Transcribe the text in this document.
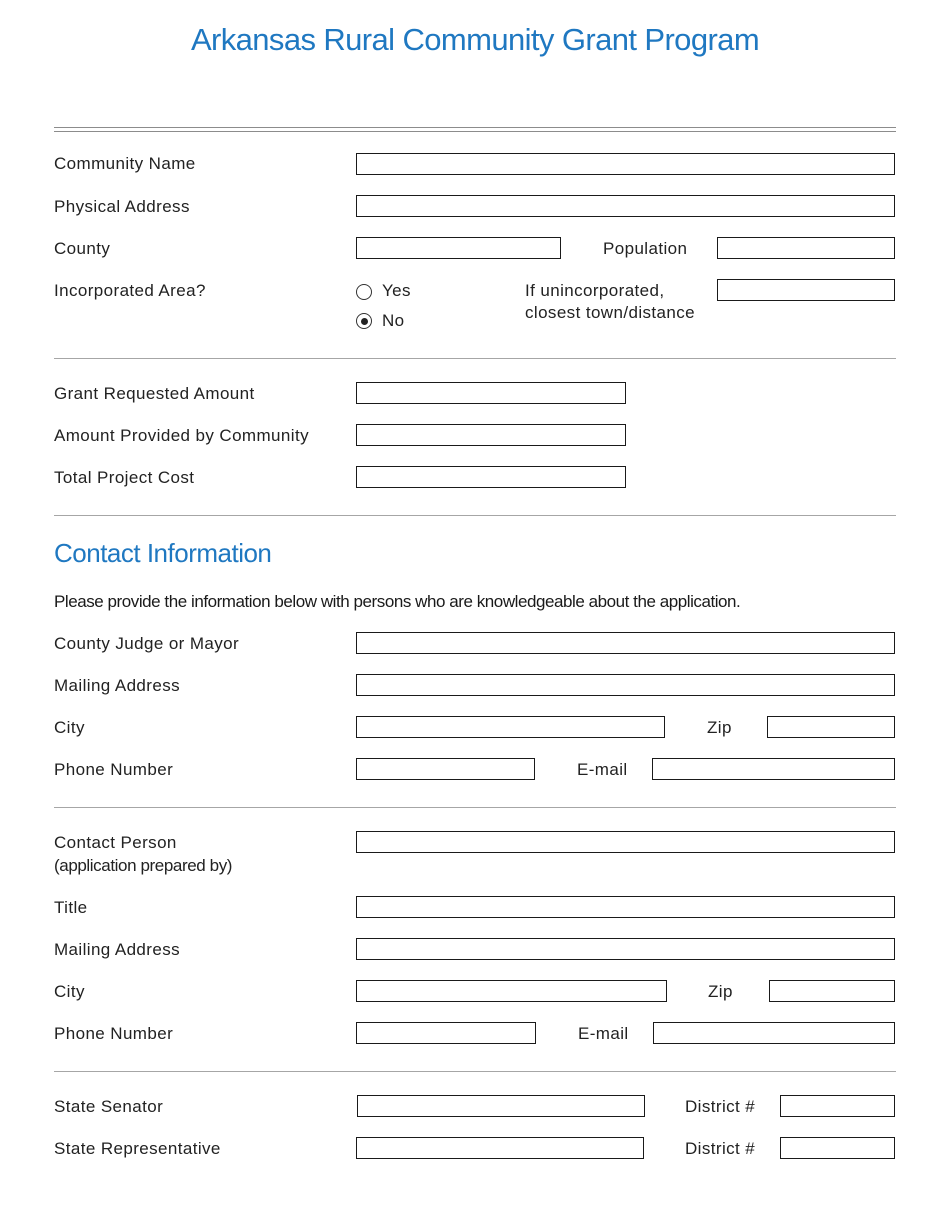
Arkansas Rural Community Grant Program
Community Name
Physical Address
County	Population
Incorporated Area?	Yes
No
If unincorporated,
closest town/distance
Grant Requested Amount
Amount Provided by Community
Total Project Cost
Contact Information
Please provide the information below with persons who are knowledgeable about the application.
County Judge or Mayor
Mailing Address
City	Zip
Phone Number	E-mail
Contact Person
(application prepared by)
Title
Mailing Address
City	Zip
Phone Number	E-mail
State Senator	District #
State Representative	District #
